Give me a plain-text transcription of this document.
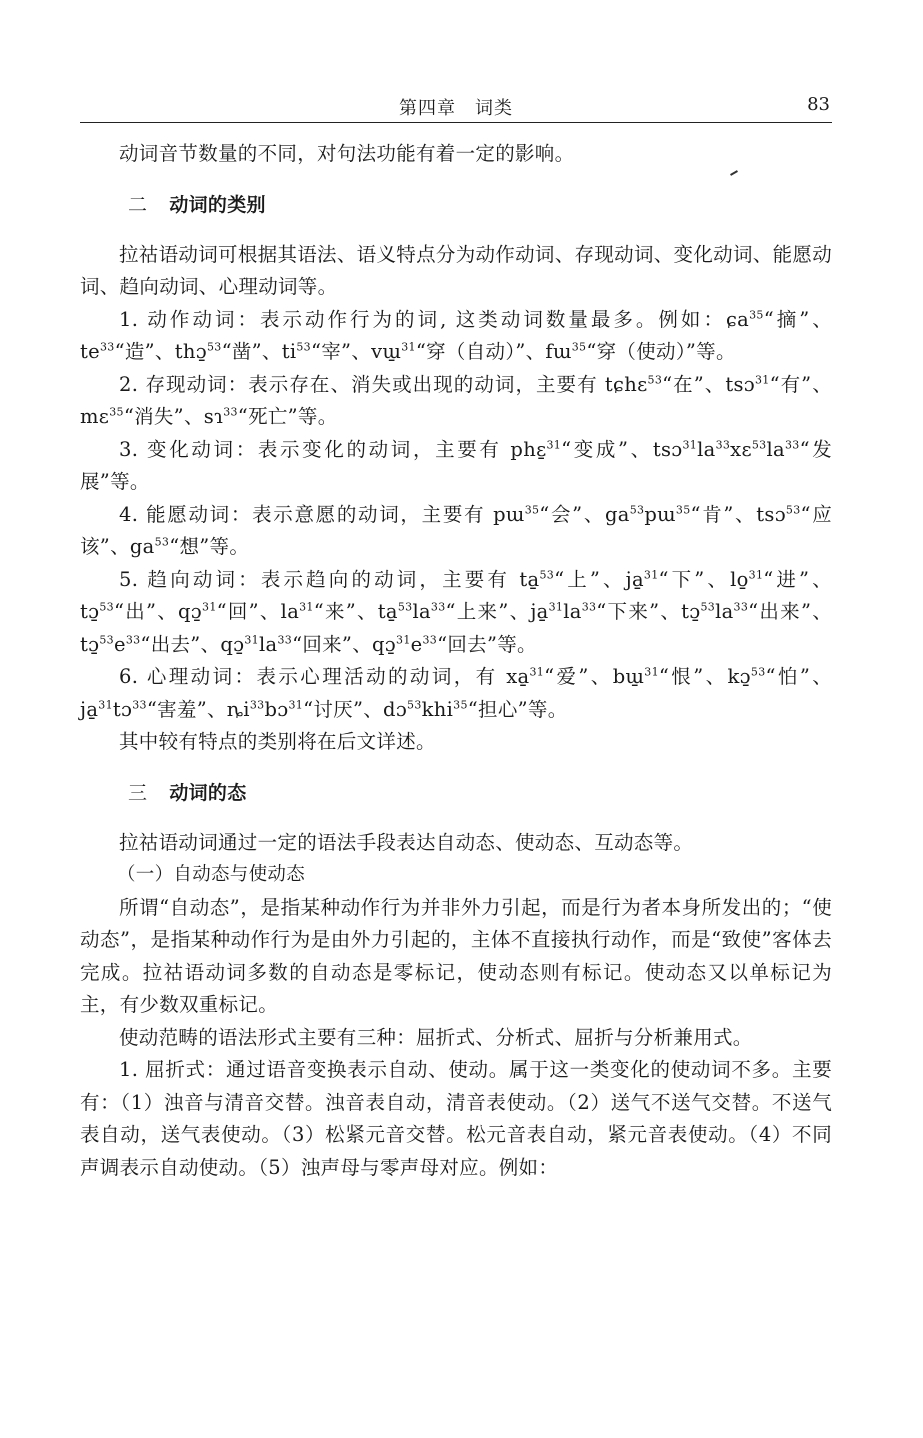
第四章　词类	83

动词音节数量的不同，对句法功能有着一定的影响。

二 动词的类别

拉祜语动词可根据其语法、语义特点分为动作动词、存现动词、变化动词、能愿动词、趋向动词、心理动词等。

1. 动作动词：表示动作行为的词, 这类动词数量最多。例如：ɕa$^{35}$“摘”、$te^{33}“$造”、thɔ̱$^{53}$“凿”、$ti^{53}“$宰”、vɯ̱$^{31}$“穿（自动）”、fɯ$^{35}$“穿（使动）”等。

2. 存现动词：表示存在、消失或出现的动词，主要有 tɕhɛ$^{53}$“在”、tsɔ$^{31}$“有”、mɛ$^{35}$“消失”、sɿ$^{33}$“死亡”等。

3. 变化动词：表示变化的动词，主要有 phɛ̱$^{31}$“变成”、$tsɔ^{31}la^{33}xɛ^{53}la^{33}“$发展”等。

4. 能愿动词：表示意愿的动词，主要有 pɯ$^{35}$“会”、$ga^{53}pɯ^{35}“$肯”、tsɔ$^{53}$“应该”、$ga^{53}“$想”等。

5. 趋向动词：表示趋向的动词，主要有 ta̱$^{53}$“上”、ja̱$^{31}$“下”、lo̱$^{31}$“进”、tɔ̱$^{53}$“出”、qɔ̱$^{31}$“回”、$la^{31}“$来”、$ta̱^{53}la^{33}“$上来”、$ja̱^{31}la^{33}“$下来”、$tɔ̱^{53}la^{33}“$出来”、$tɔ̱^{53}e^{33}“$出去”、$qɔ̱^{31}la^{33}“$回来”、$qɔ̱^{31}e^{33}“$回去”等。

6. 心理动词：表示心理活动的动词，有 xa̱$^{31}$“爱”、bɯ̱$^{31}$“恨”、kɔ̱$^{53}$“怕”、ja̱$^{31}$tɔ$^{33}$“害羞”、$ȵi^{33}bɔ^{31}“$讨厌”、dɔ$^{53}$khi$^{35}$“担心”等。

其中较有特点的类别将在后文详述。

三 动词的态

拉祜语动词通过一定的语法手段表达自动态、使动态、互动态等。

（一）自动态与使动态

所谓“自动态”，是指某种动作行为并非外力引起，而是行为者本身所发出的；“使动态”，是指某种动作行为是由外力引起的，主体不直接执行动作，而是“致使”客体去完成。拉祜语动词多数的自动态是零标记，使动态则有标记。使动态又以单标记为主，有少数双重标记。

使动范畴的语法形式主要有三种：屈折式、分析式、屈折与分析兼用式。

1. 屈折式：通过语音变换表示自动、使动。属于这一类变化的使动词不多。主要有：（1）浊音与清音交替。浊音表自动，清音表使动。（2）送气不送气交替。不送气表自动，送气表使动。（3）松紧元音交替。松元音表自动，紧元音表使动。（4）不同声调表示自动使动。（5）浊声母与零声母对应。例如：
